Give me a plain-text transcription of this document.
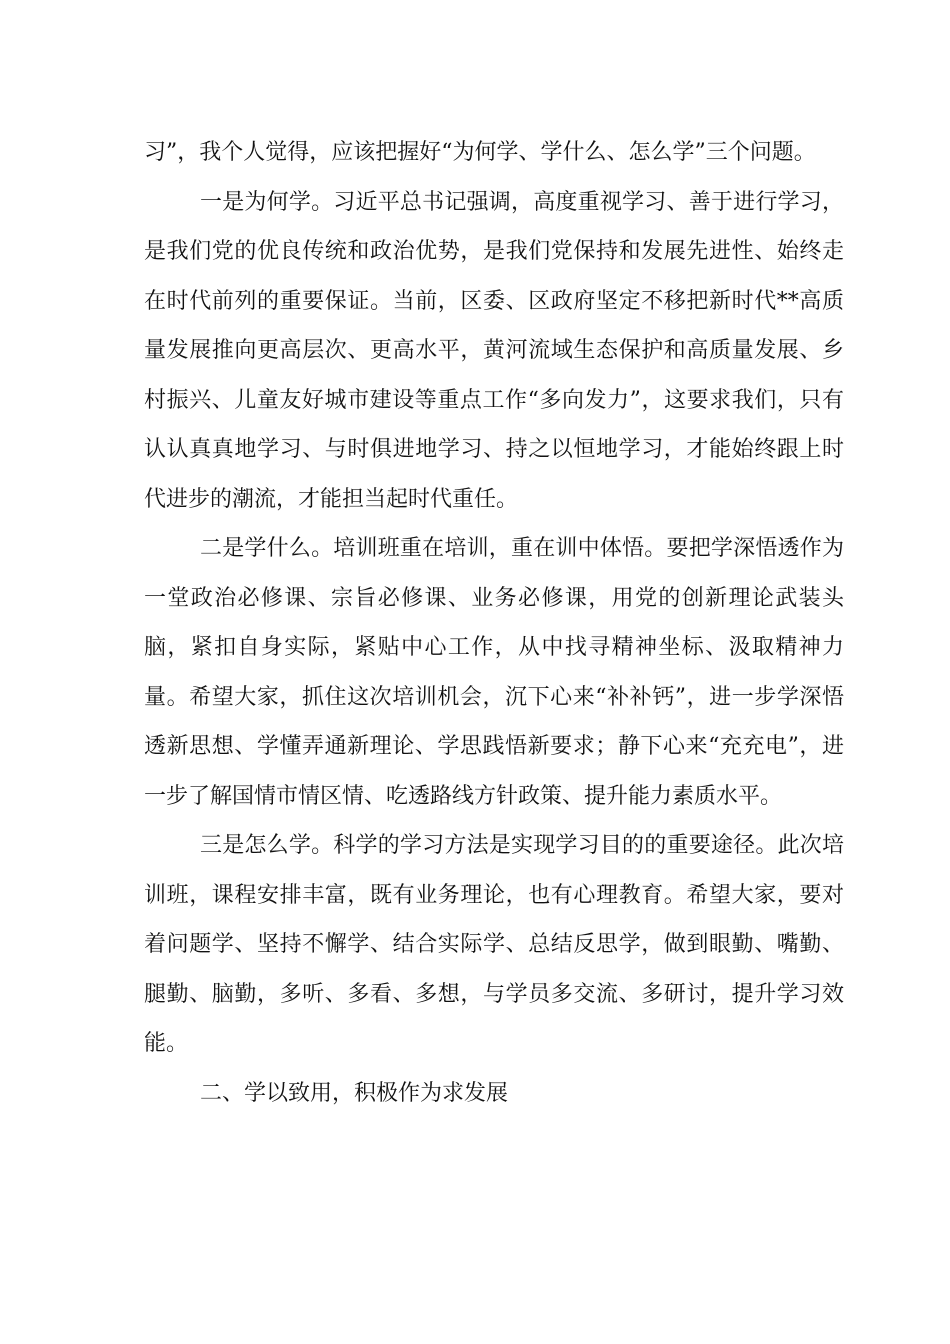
习”，我个人觉得，应该把握好“为何学、学什么、怎么学”三个问题。

一是为何学。习近平总书记强调，高度重视学习、善于进行学习，是我们党的优良传统和政治优势，是我们党保持和发展先进性、始终走在时代前列的重要保证。当前，区委、区政府坚定不移把新时代**高质量发展推向更高层次、更高水平，黄河流域生态保护和高质量发展、乡村振兴、儿童友好城市建设等重点工作“多向发力”，这要求我们，只有认认真真地学习、与时俱进地学习、持之以恒地学习，才能始终跟上时代进步的潮流，才能担当起时代重任。

二是学什么。培训班重在培训，重在训中体悟。要把学深悟透作为一堂政治必修课、宗旨必修课、业务必修课，用党的创新理论武装头脑，紧扣自身实际，紧贴中心工作，从中找寻精神坐标、汲取精神力量。希望大家，抓住这次培训机会，沉下心来“补补钙”，进一步学深悟透新思想、学懂弄通新理论、学思践悟新要求；静下心来“充充电”，进一步了解国情市情区情、吃透路线方针政策、提升能力素质水平。

三是怎么学。科学的学习方法是实现学习目的的重要途径。此次培训班，课程安排丰富，既有业务理论，也有心理教育。希望大家，要对着问题学、坚持不懈学、结合实际学、总结反思学，做到眼勤、嘴勤、腿勤、脑勤，多听、多看、多想，与学员多交流、多研讨，提升学习效能。

二、学以致用，积极作为求发展
